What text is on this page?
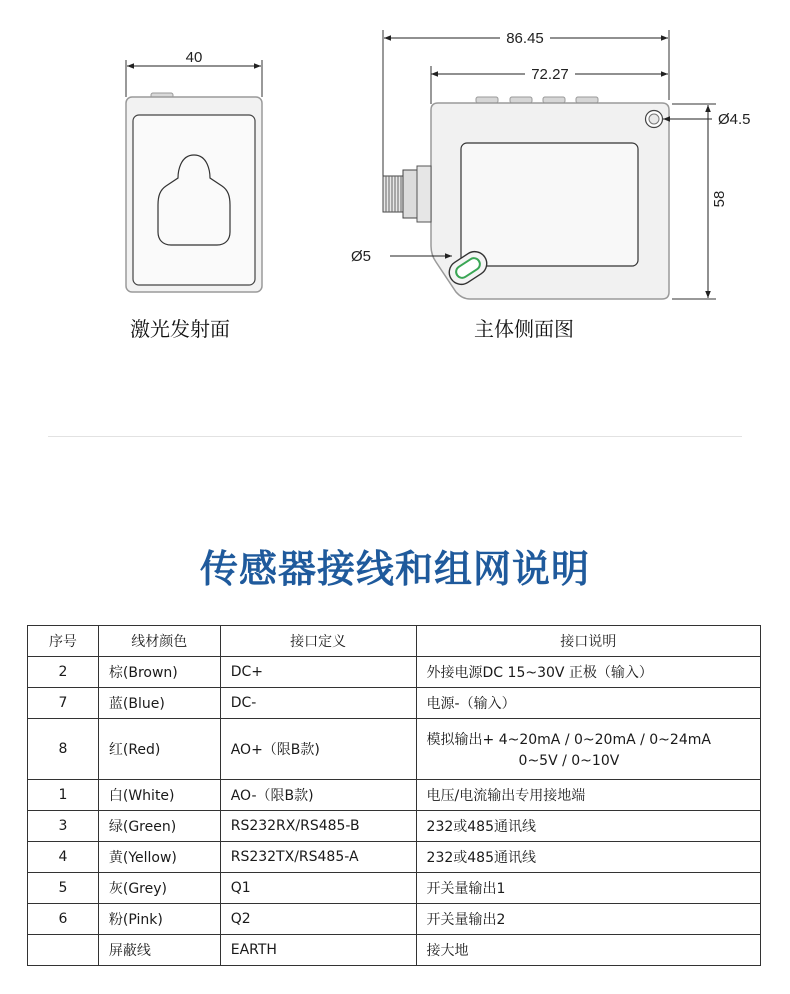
40
86.45
72.27
Ø4.5
58
Ø5
激光发射面	主体侧面图
传感器接线和组网说明
序号	线材颜色	接口定义	接口说明
2	棕(Brown)	DC+	外接电源DC 15~30V 正极（输入）
7	蓝(Blue)	DC-	电源-（输入）
8	红(Red)	AO+（限B款)	模拟输出+ 4~20mA / 0~20mA / 0~24mA
0~5V / 0~10V

1	白(White)	AO-（限B款)	电压/电流输出专用接地端
3	绿(Green)	RS232RX/RS485-B	232或485通讯线
4	黄(Yellow)	RS232TX/RS485-A	232或485通讯线
5	灰(Grey)	Q1	开关量输出1
6	粉(Pink)	Q2	开关量输出2
	屏蔽线	EARTH	接大地
